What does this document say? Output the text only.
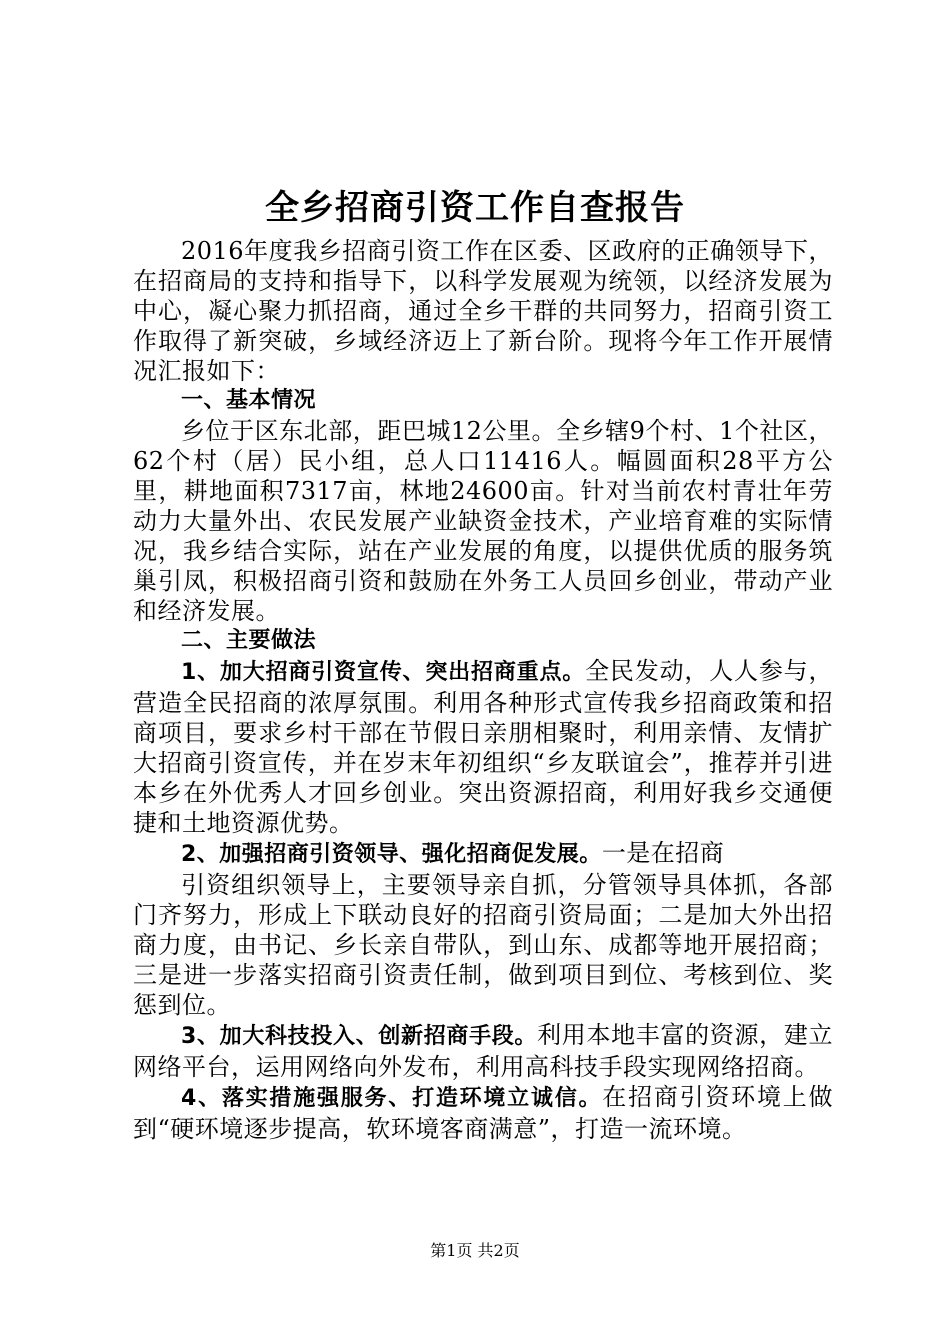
全乡招商引资工作自查报告

2016年度我乡招商引资工作在区委、区政府的正确领导下，在招商局的支持和指导下，以科学发展观为统领，以经济发展为中心，凝心聚力抓招商，通过全乡干群的共同努力，招商引资工作取得了新突破，乡域经济迈上了新台阶。现将今年工作开展情况汇报如下：

一、基本情况

乡位于区东北部，距巴城12公里。全乡辖9个村、1个社区，62个村（居）民小组，总人口11416人。幅圆面积28平方公里，耕地面积7317亩，林地24600亩。针对当前农村青壮年劳动力大量外出、农民发展产业缺资金技术，产业培育难的实际情况，我乡结合实际，站在产业发展的角度，以提供优质的服务筑巢引凤，积极招商引资和鼓励在外务工人员回乡创业，带动产业和经济发展。

二、主要做法

1、加大招商引资宣传、突出招商重点。全民发动，人人参与，营造全民招商的浓厚氛围。利用各种形式宣传我乡招商政策和招商项目，要求乡村干部在节假日亲朋相聚时，利用亲情、友情扩大招商引资宣传，并在岁末年初组织“乡友联谊会”，推荐并引进本乡在外优秀人才回乡创业。突出资源招商，利用好我乡交通便捷和土地资源优势。

2、加强招商引资领导、强化招商促发展。一是在招商

引资组织领导上，主要领导亲自抓，分管领导具体抓，各部门齐努力，形成上下联动良好的招商引资局面；二是加大外出招商力度，由书记、乡长亲自带队，到山东、成都等地开展招商；三是进一步落实招商引资责任制，做到项目到位、考核到位、奖惩到位。

3、加大科技投入、创新招商手段。利用本地丰富的资源，建立网络平台，运用网络向外发布，利用高科技手段实现网络招商。

4、落实措施强服务、打造环境立诚信。在招商引资环境上做到“硬环境逐步提高，软环境客商满意”，打造一流环境。

第1页 共2页
